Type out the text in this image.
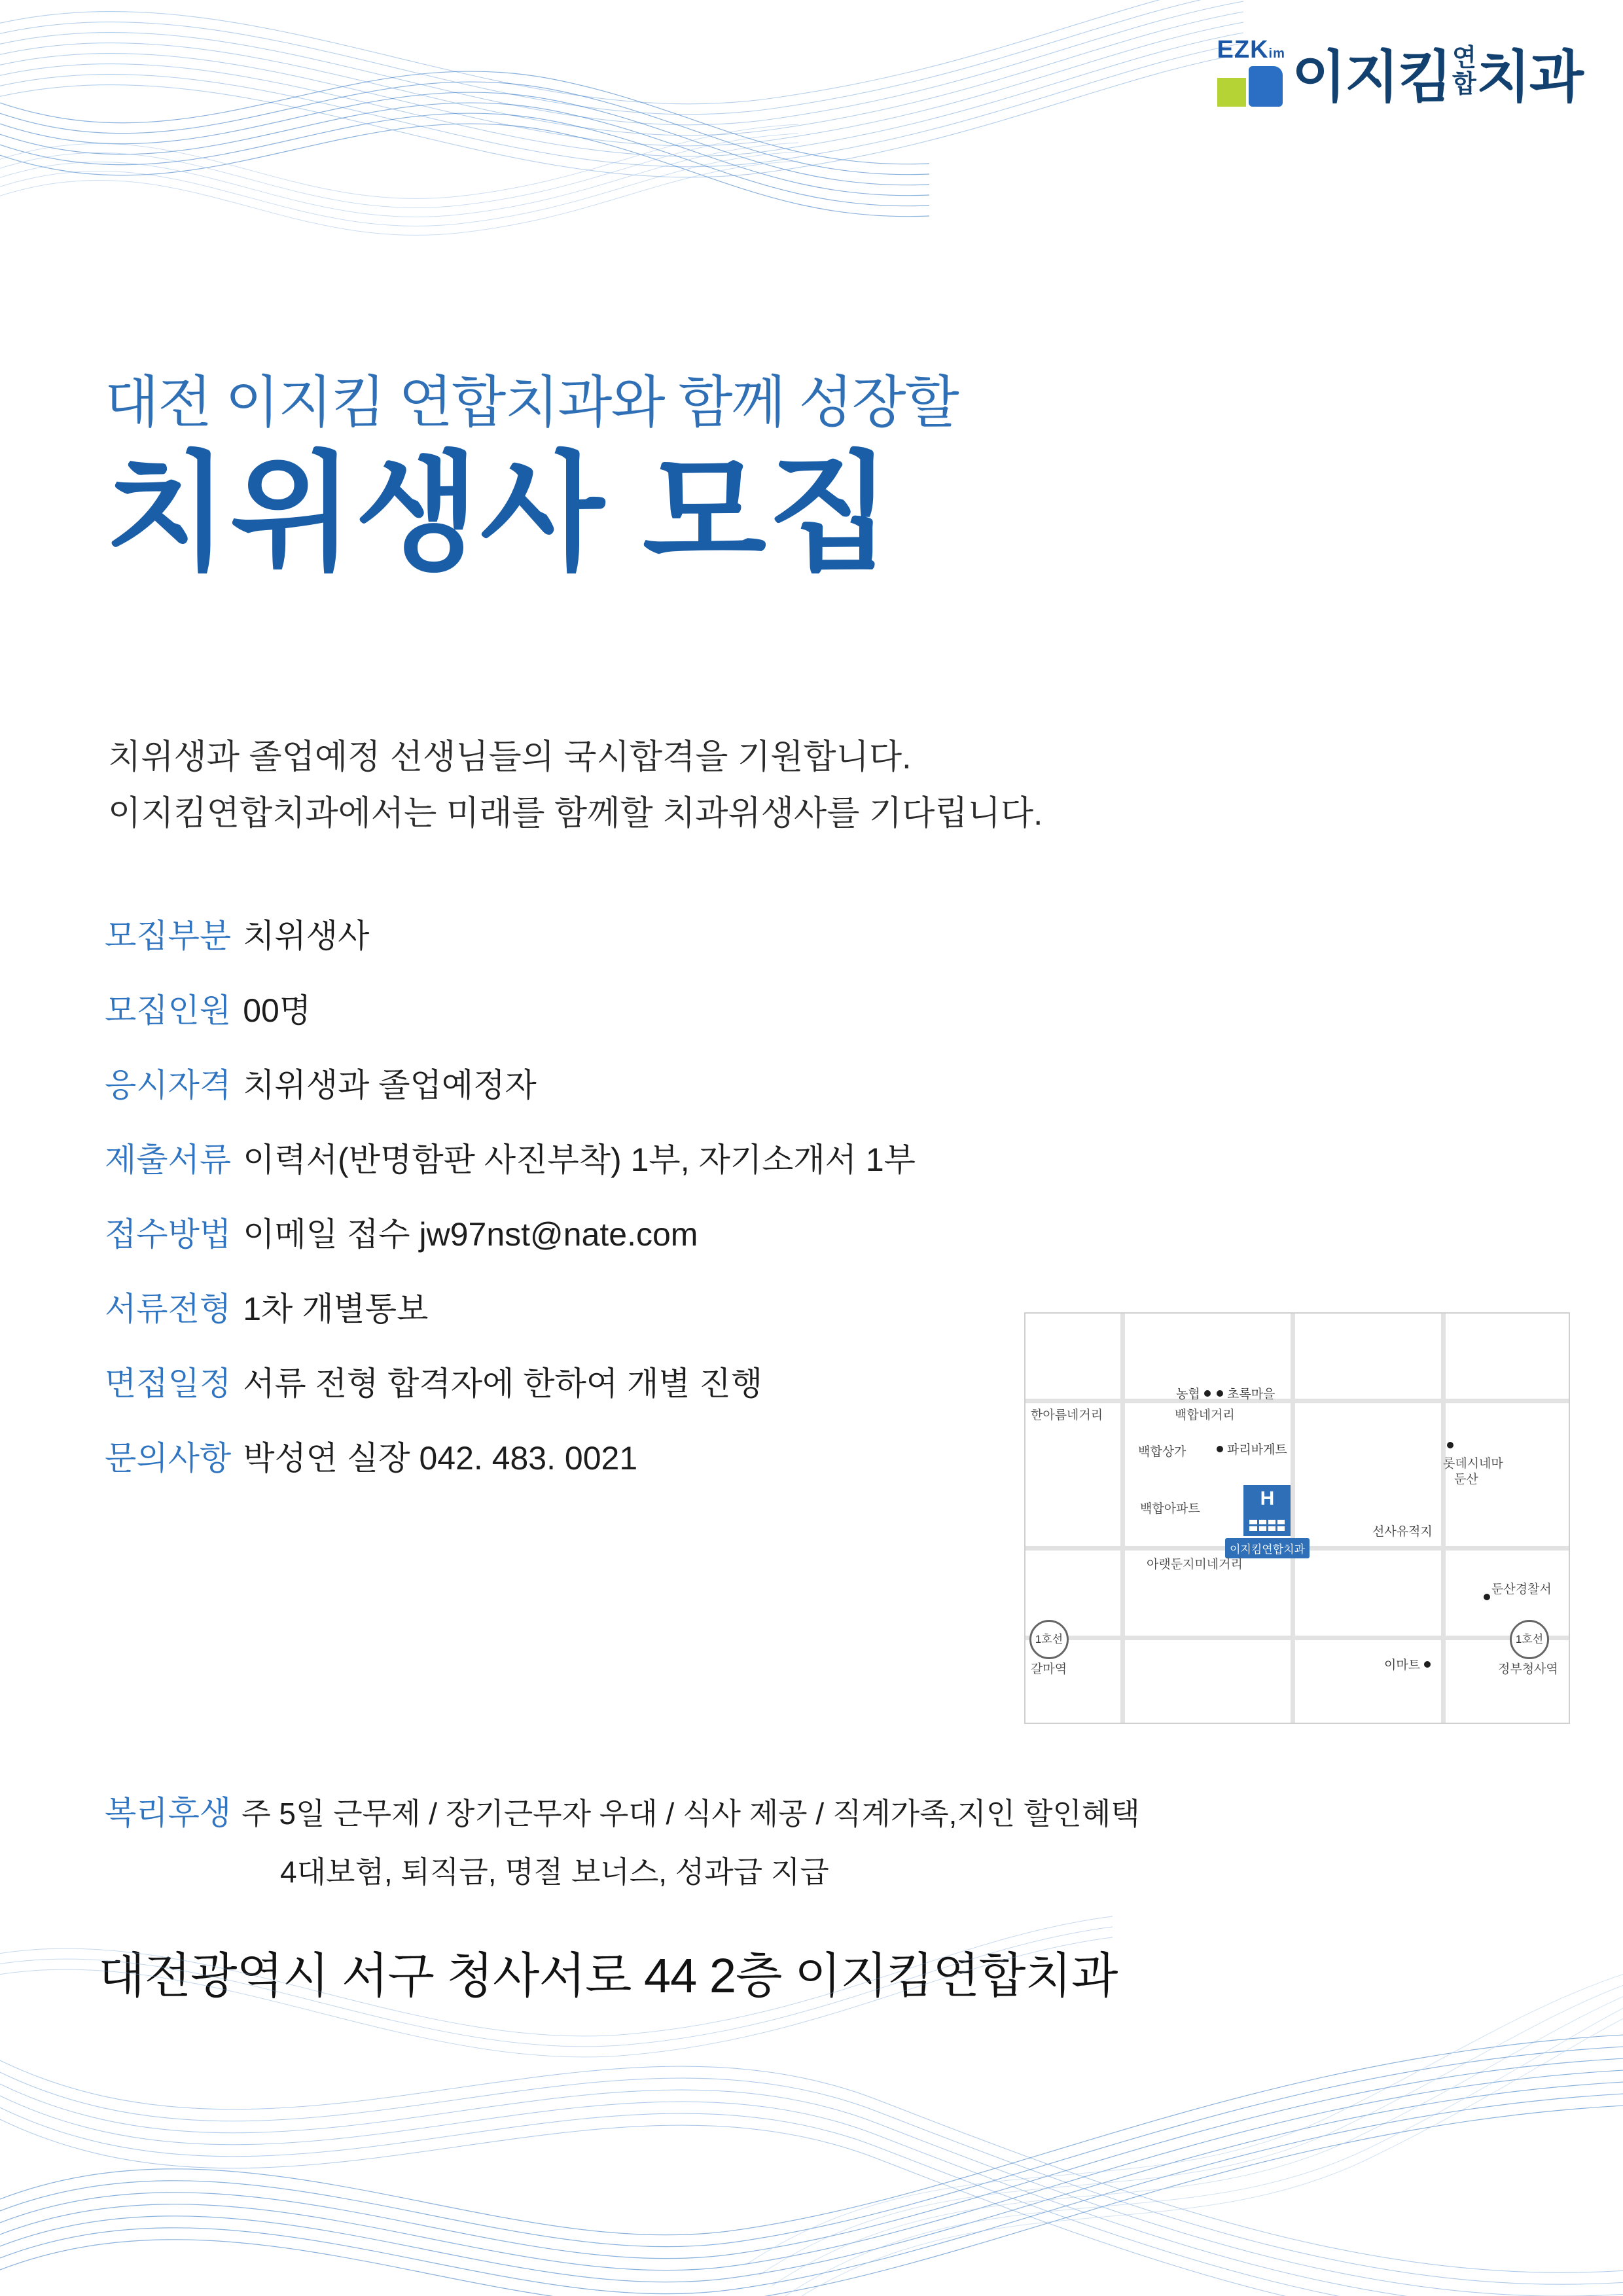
EZKim 이지킴 연
합 치과
대전 이지킴 연합치과와 함께 성장할
치위생사 모집
치위생과 졸업예정 선생님들의 국시합격을 기원합니다.
이지킴연합치과에서는 미래를 함께할 치과위생사를 기다립니다.
모집부분 치위생사
모집인원 00명
응시자격 치위생과 졸업예정자
제출서류 이력서(반명함판 사진부착) 1부, 자기소개서 1부
접수방법 이메일 접수 jw97nst@nate.com
서류전형 1차 개별통보
면접일정 서류 전형 합격자에 한하여 개별 진행
문의사항 박성연 실장 042. 483. 0021
한아름네거리	백합네거리
농협 초록마을
백합상가	파리바게트
롯데시네마
둔산
백합아파트	H
이지킴연합치과
선사유적지
아랫둔지미네거리
둔산경찰서
1호선
갈마역
1호선
정부청사역
이마트
복리후생 주 5일 근무제 / 장기근무자 우대 / 식사 제공 / 직계가족,지인 할인혜택
4대보험, 퇴직금, 명절 보너스, 성과급 지급
대전광역시 서구 청사서로 44 2층 이지킴연합치과
